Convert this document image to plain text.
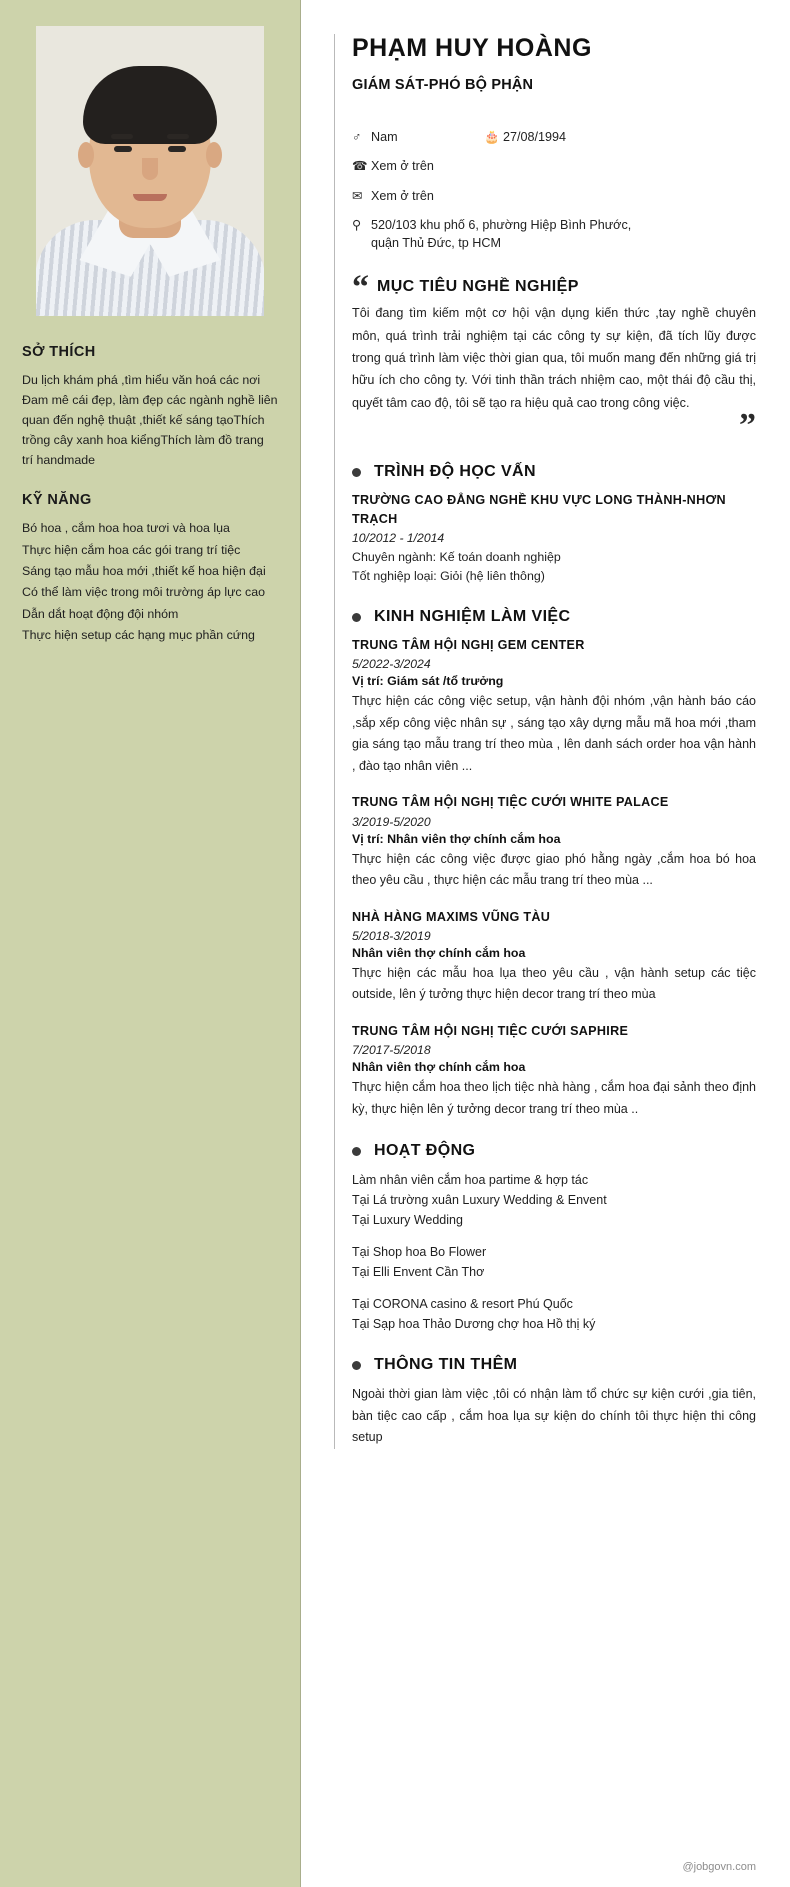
SỞ THÍCH

Du lịch khám phá ,tìm hiểu văn hoá các nơi Đam mê cái đẹp, làm đẹp các ngành nghề liên quan đến nghệ thuật ,thiết kế sáng tạoThích trồng cây xanh hoa kiểngThích làm đồ trang trí handmade

KỸ NĂNG
Bó hoa , cắm hoa hoa tươi và hoa lụa
Thực hiện cắm hoa các gói trang trí tiệc
Sáng tạo mẫu hoa mới ,thiết kế hoa hiện đại
Có thể làm việc trong môi trường áp lực cao
Dẫn dắt hoạt động đội nhóm
Thực hiện setup các hạng mục phần cứng
PHẠM HUY HOÀNG
GIÁM SÁT-PHÓ BỘ PHẬN
♂ Nam	🎂 27/08/1994
☎ Xem ở trên
✉ Xem ở trên
⚲ 520/103 khu phố 6, phường Hiệp Bình Phước,
quận Thủ Đức, tp HCM
“ MỤC TIÊU NGHỀ NGHIỆP

Tôi đang tìm kiếm một cơ hội vận dụng kiến thức ,tay nghề chuyên môn, quá trình trải nghiệm tại các công ty sự kiện, đã tích lũy được trong quá trình làm việc thời gian qua, tôi muốn mang đến những giá trị hữu ích cho công ty. Với tinh thần trách nhiệm cao, một thái độ cầu thị, quyết tâm cao độ, tôi sẽ tạo ra hiệu quả cao trong công việc.

”
TRÌNH ĐỘ HỌC VẤN
TRƯỜNG CAO ĐẲNG NGHỀ KHU VỰC LONG THÀNH-NHƠN TRẠCH
10/2012 - 1/2014
Chuyên ngành: Kế toán doanh nghiệp
Tốt nghiệp loại: Giỏi (hệ liên thông)
KINH NGHIỆM LÀM VIỆC
TRUNG TÂM HỘI NGHỊ GEM CENTER
5/2022-3/2024
Vị trí: Giám sát /tổ trưởng
Thực hiện các công việc setup, vận hành đội nhóm ,vận hành báo cáo ,sắp xếp công việc nhân sự , sáng tạo xây dựng mẫu mã hoa mới ,tham gia sáng tạo mẫu trang trí theo mùa , lên danh sách order hoa vận hành , đào tạo nhân viên ...
TRUNG TÂM HỘI NGHỊ TIỆC CƯỚI WHITE PALACE
3/2019-5/2020
Vị trí: Nhân viên thợ chính cắm hoa
Thực hiện các công việc được giao phó hằng ngày ,cắm hoa bó hoa theo yêu cầu , thực hiện các mẫu trang trí theo mùa ...
NHÀ HÀNG MAXIMS VŨNG TÀU
5/2018-3/2019
Nhân viên thợ chính cắm hoa
Thực hiện các mẫu hoa lụa theo yêu cầu , vận hành setup các tiệc outside, lên ý tưởng thực hiện decor trang trí theo mùa
TRUNG TÂM HỘI NGHỊ TIỆC CƯỚI SAPHIRE
7/2017-5/2018
Nhân viên thợ chính cắm hoa
Thực hiện cắm hoa theo lịch tiệc nhà hàng , cắm hoa đại sảnh theo định kỳ, thực hiện lên ý tưởng decor trang trí theo mùa ..
HOẠT ĐỘNG
Làm nhân viên cắm hoa partime & hợp tác
Tại Lá trường xuân Luxury Wedding & Envent
Tại Luxury Wedding
Tại Shop hoa Bo Flower
Tại Elli Envent Cần Thơ
Tại CORONA casino & resort Phú Quốc
Tại Sạp hoa Thảo Dương chợ hoa Hồ thị ký
THÔNG TIN THÊM

Ngoài thời gian làm việc ,tôi có nhận làm tổ chức sự kiện cưới ,gia tiên, bàn tiệc cao cấp , cắm hoa lụa sự kiện do chính tôi thực hiện thi công setup

@jobgovn.com
